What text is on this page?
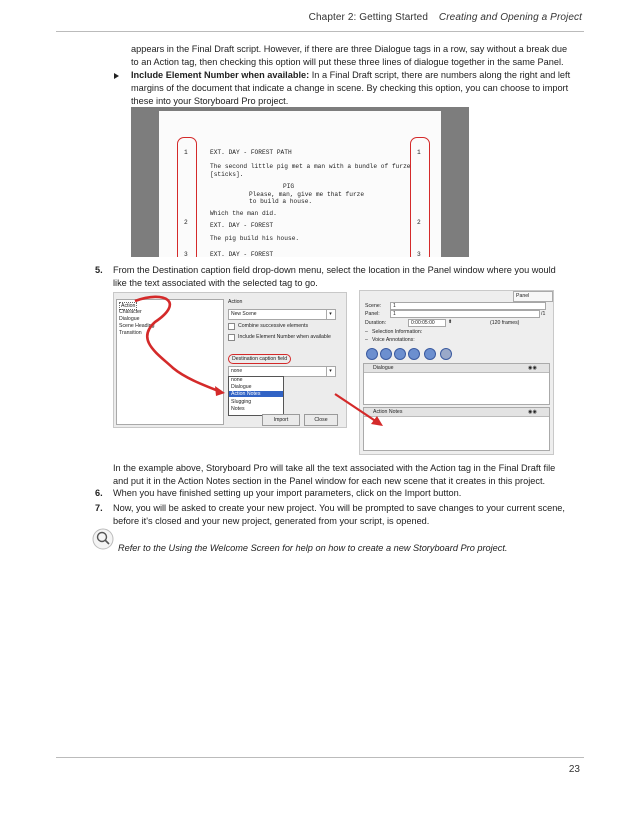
Chapter 2: Getting Started Creating and Opening a Project
appears in the Final Draft script. However, if there are three Dialogue tags in a row, say without a break due
to an Action tag, then checking this option will put these three lines of dialogue together in the same Panel.
Include Element Number when available: In a Final Draft script, there are numbers along the right and left
margins of the document that indicate a change in scene. By checking this option, you can choose to import
these into your Storyboard Pro project.
1
2
3
1
2
3
EXT. DAY - FOREST PATH
The second little pig met a man with a bundle of furze
[sticks].
PIG
Please, man, give me that furze
to build a house.
Which the man did.
EXT. DAY - FOREST
The pig build his house.
EXT. DAY - FOREST
5. From the Destination caption field drop-down menu, select the location in the Panel window where you would
like the text associated with the selected tag to go.
Action
Character
Dialogue
Scene Heading
Transition
Action
New Scene	▾
Combine successive elements
Include Element Number when available
Destination caption field
none	▾
none
Dialogue
Action Notes
Slugging
Notes
Import	Close
Panel
Scene:	1
Panel:	1	/1
Duration:	0:00:05:00	⬍	(120 frames)
– Selection Information:
– Voice Annotations:
Dialogue	◉◉
Action Notes	◉◉
In the example above, Storyboard Pro will take all the text associated with the Action tag in the Final Draft file
and put it in the Action Notes section in the Panel window for each new scene that it creates in this project.
6. When you have finished setting up your import parameters, click on the Import button.
7. Now, you will be asked to create your new project. You will be prompted to save changes to your current scene,
before it's closed and your new project, generated from your script, is opened.
Refer to the Using the Welcome Screen for help on how to create a new Storyboard Pro project.
23
